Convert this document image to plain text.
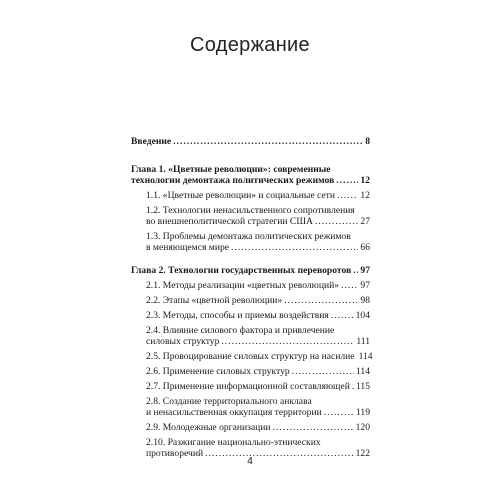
Содержание
Введение .....	8
Глава 1. «Цветные революции»: современные
технологии демонтажа политических режимов .....	12
1.1. «Цветные революции» и социальные сети .....	12
1.2. Технологии ненасильственного сопротивления
во внешнеполитической стратегии США .....	27
1.3. Проблемы демонтажа политических режимов
в меняющемся мире .....	66
Глава 2. Технологии государственных переворотов ..... 97
2.1. Методы реализации «цветных революций» ..... 97
2.2. Этапы «цветной революции» .....	98
2.3. Методы, способы и приемы воздействия .....	104
2.4. Влияние силового фактора и привлечение
силовых структур .....	111
2.5. Провоцирование силовых структур на насилие 114
2.6. Применение силовых структур .....	114
2.7. Применение информационной составляющей ..... 115
2.8. Создание территориального анклава
и ненасильственная оккупация территории .....	119
2.9. Молодежные организации .....	120
2.10. Разжигание национально-этнических
противоречий .....	122
4
